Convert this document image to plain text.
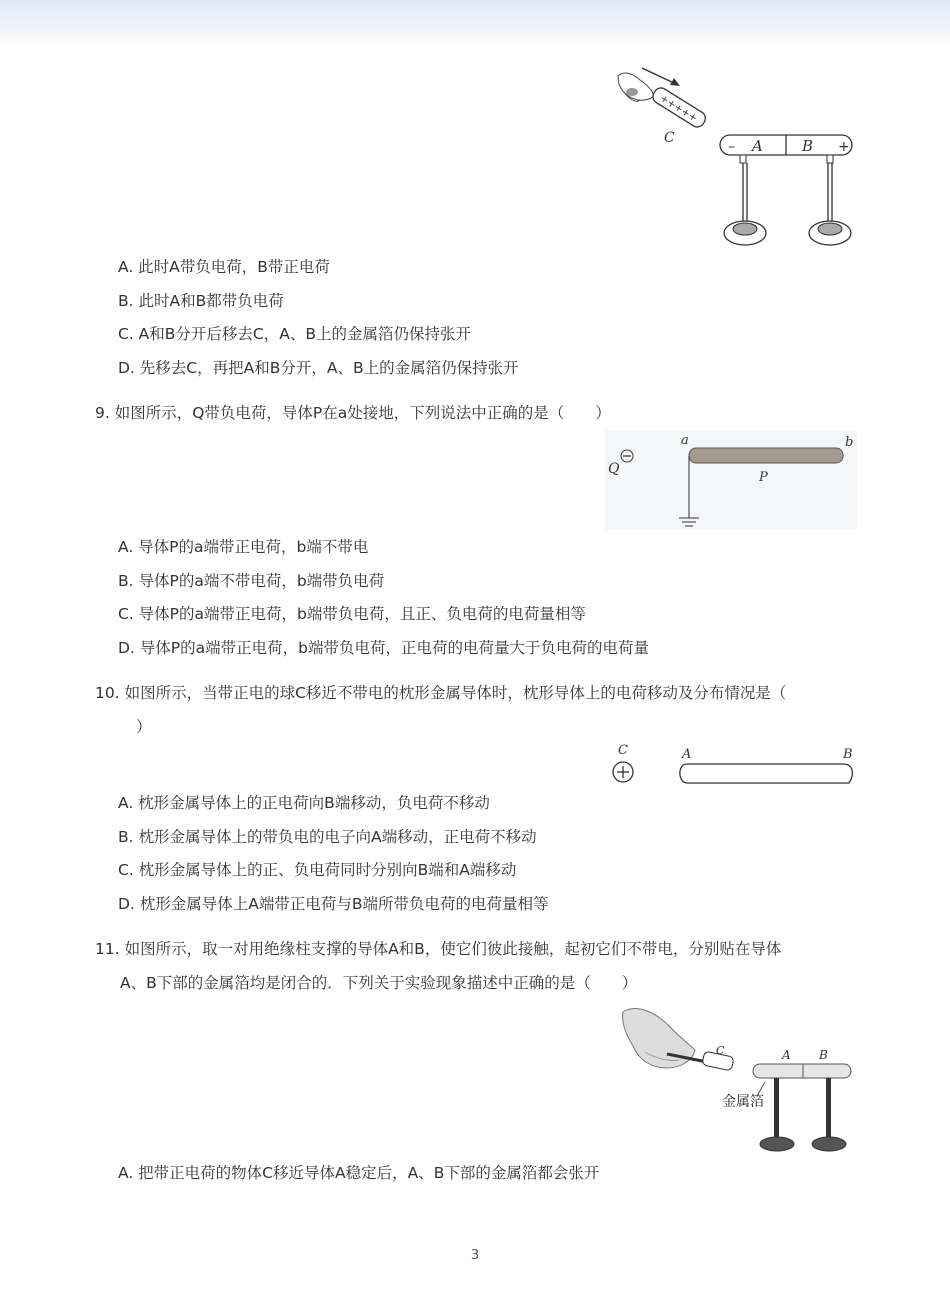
+++++
C
– A	B +
A. 此时A带负电荷，B带正电荷
B. 此时A和B都带负电荷
C. A和B分开后移去C，A、B上的金属箔仍保持张开
D. 先移去C，再把A和B分开，A、B上的金属箔仍保持张开
9. 如图所示，Q带负电荷，导体P在a处接地，下列说法中正确的是（　　）
Q
a	b
P
A. 导体P的a端带正电荷，b端不带电
B. 导体P的a端不带电荷，b端带负电荷
C. 导体P的a端带正电荷，b端带负电荷，且正、负电荷的电荷量相等
D. 导体P的a端带正电荷，b端带负电荷，正电荷的电荷量大于负电荷的电荷量
10. 如图所示，当带正电的球C移近不带电的枕形金属导体时，枕形导体上的电荷移动及分布情况是（
）
C	A	B
A. 枕形金属导体上的正电荷向B端移动，负电荷不移动
B. 枕形金属导体上的带负电的电子向A端移动，正电荷不移动
C. 枕形金属导体上的正、负电荷同时分别向B端和A端移动
D. 枕形金属导体上A端带正电荷与B端所带负电荷的电荷量相等
11. 如图所示，取一对用绝缘柱支撑的导体A和B，使它们彼此接触，起初它们不带电，分别贴在导体
A、B下部的金属箔均是闭合的．下列关于实验现象描述中正确的是（　　）
C	A B
金属箔
A. 把带正电荷的物体C移近导体A稳定后，A、B下部的金属箔都会张开
3
